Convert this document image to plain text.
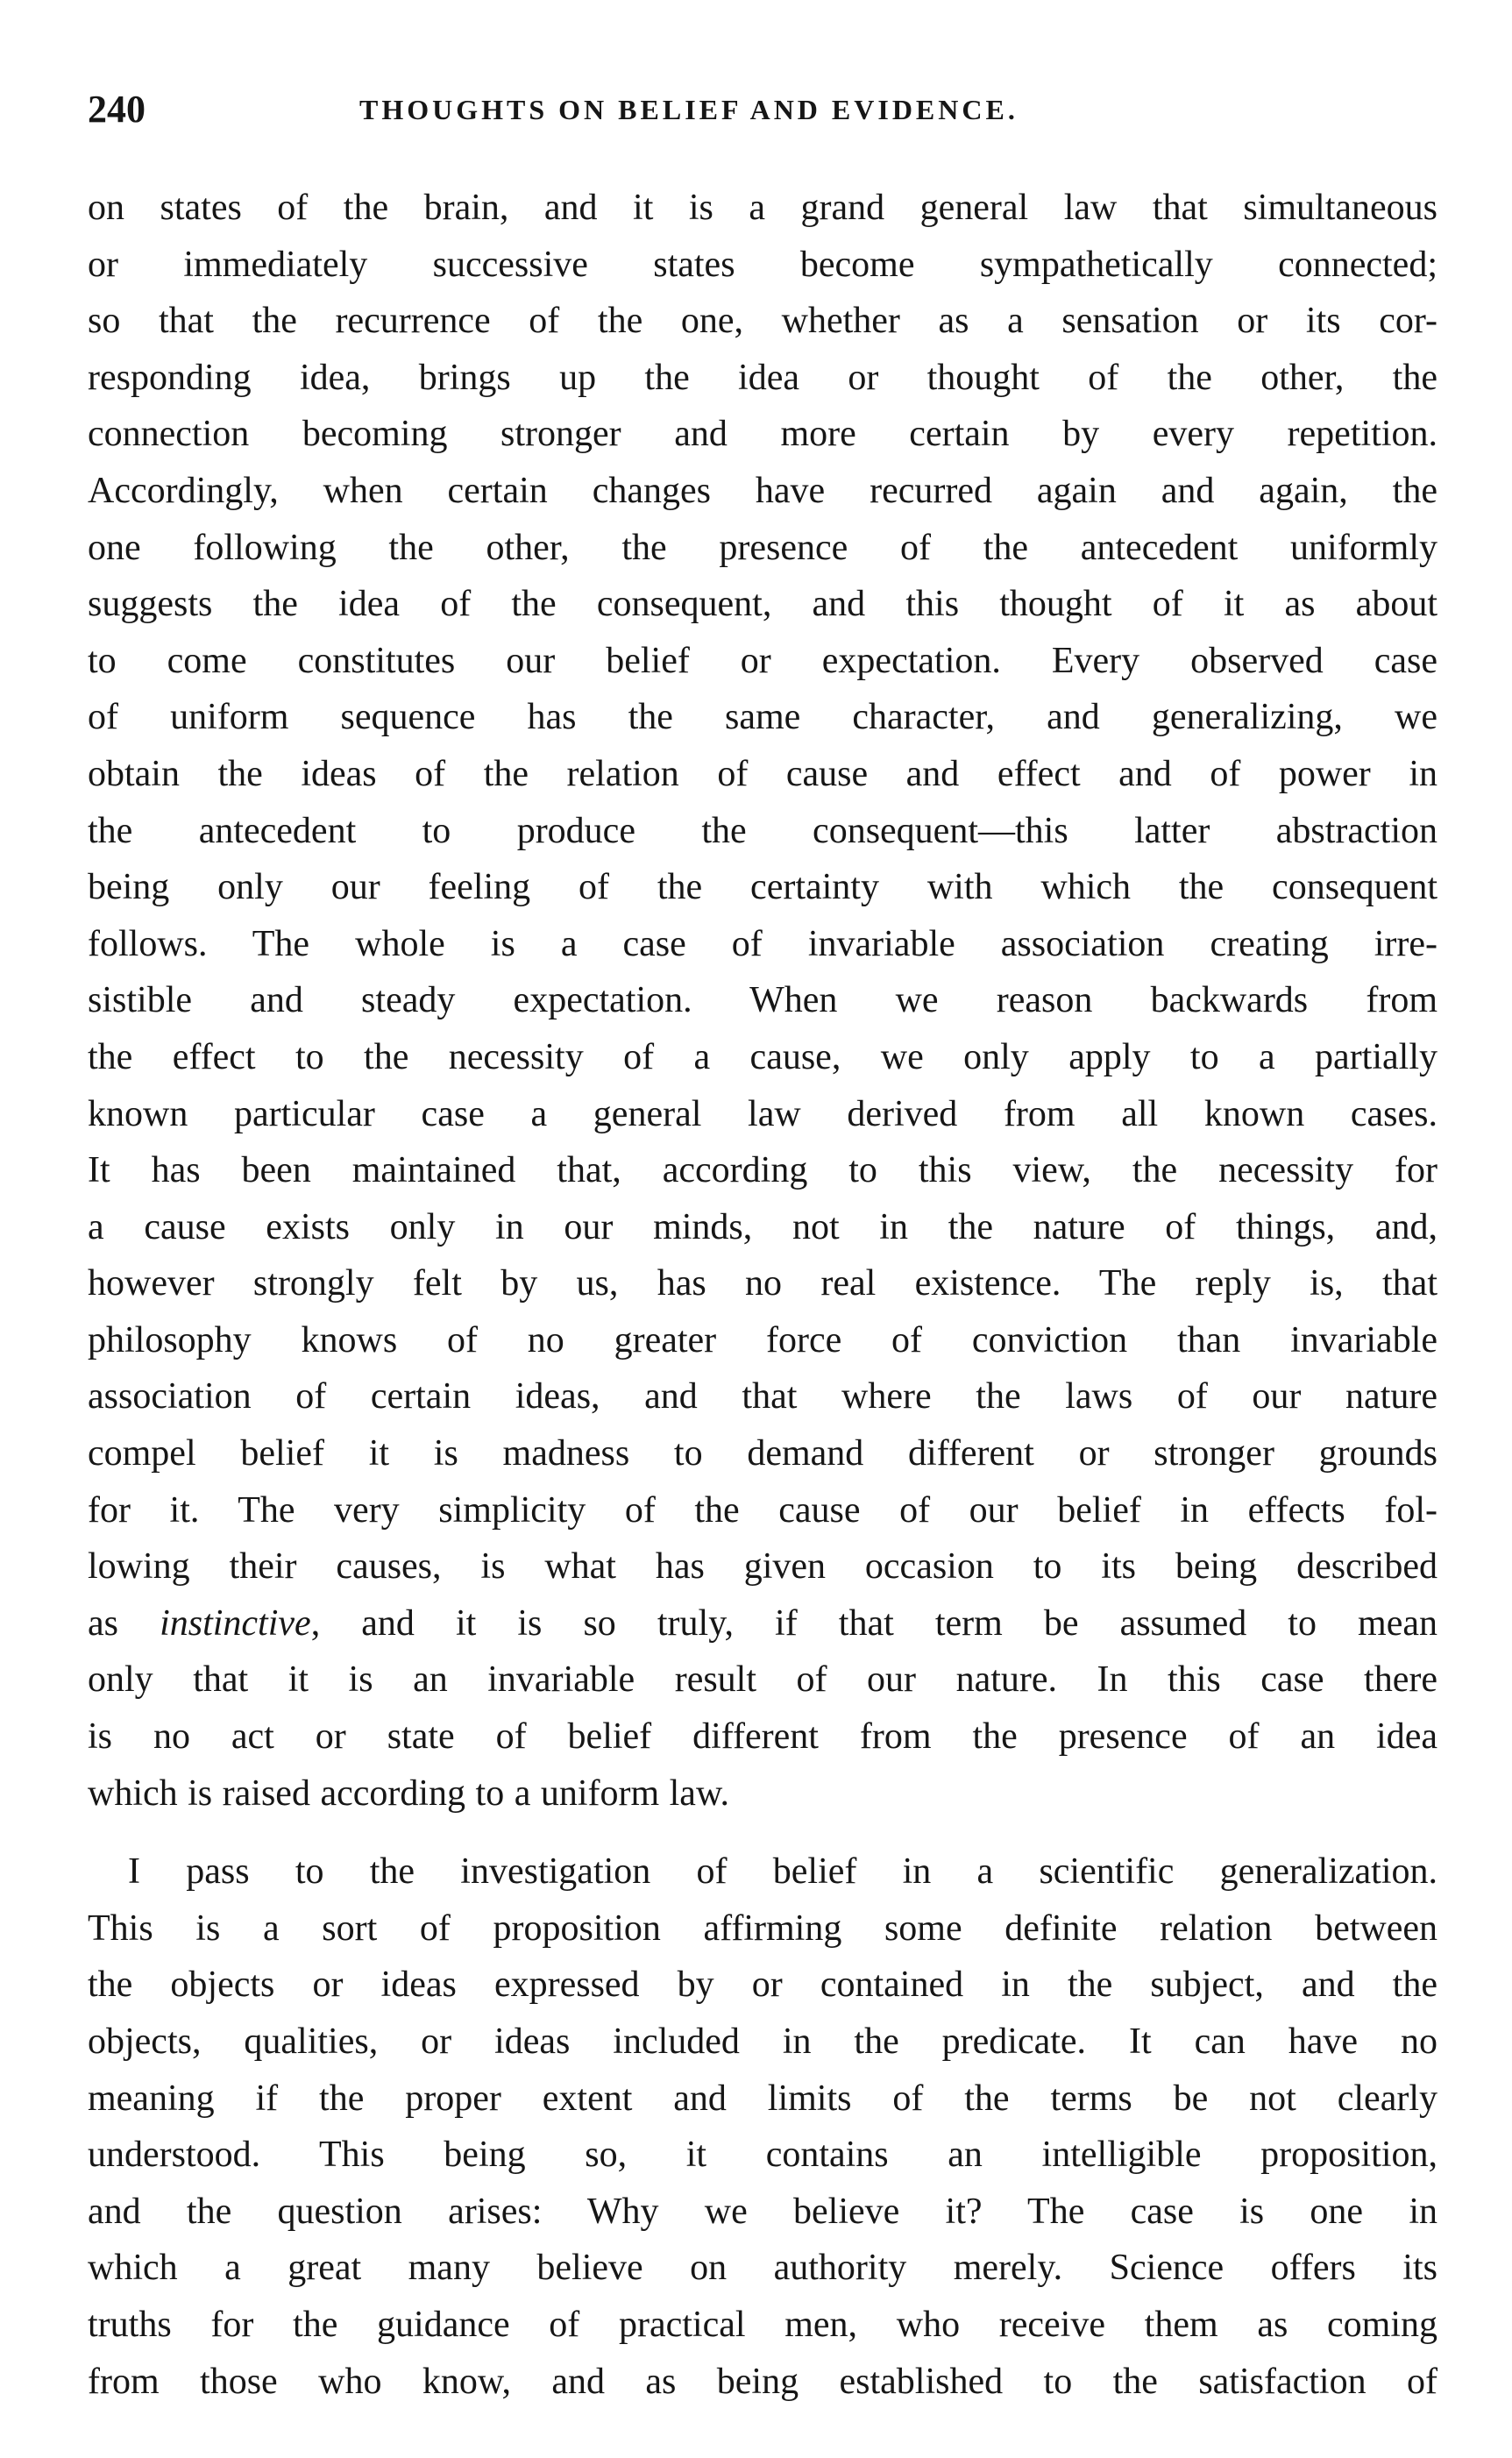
240	THOUGHTS ON BELIEF AND EVIDENCE.
on states of the brain, and it is a grand general law that simultaneous
or immediately successive states become sympathetically connected;
so that the recurrence of the one, whether as a sensation or its cor-
responding idea, brings up the idea or thought of the other, the
connection becoming stronger and more certain by every repetition.
Accordingly, when certain changes have recurred again and again, the
one following the other, the presence of the antecedent uniformly
suggests the idea of the consequent, and this thought of it as about
to come constitutes our belief or expectation. Every observed case
of uniform sequence has the same character, and generalizing, we
obtain the ideas of the relation of cause and effect and of power in
the antecedent to produce the consequent—this latter abstraction
being only our feeling of the certainty with which the consequent
follows. The whole is a case of invariable association creating irre-
sistible and steady expectation. When we reason backwards from
the effect to the necessity of a cause, we only apply to a partially
known particular case a general law derived from all known cases.
It has been maintained that, according to this view, the necessity for
a cause exists only in our minds, not in the nature of things, and,
however strongly felt by us, has no real existence. The reply is, that
philosophy knows of no greater force of conviction than invariable
association of certain ideas, and that where the laws of our nature
compel belief it is madness to demand different or stronger grounds
for it. The very simplicity of the cause of our belief in effects fol-
lowing their causes, is what has given occasion to its being described
as instinctive, and it is so truly, if that term be assumed to mean
only that it is an invariable result of our nature. In this case there
is no act or state of belief different from the presence of an idea
which is raised according to a uniform law.
I pass to the investigation of belief in a scientific generalization.
This is a sort of proposition affirming some definite relation between
the objects or ideas expressed by or contained in the subject, and the
objects, qualities, or ideas included in the predicate. It can have no
meaning if the proper extent and limits of the terms be not clearly
understood. This being so, it contains an intelligible proposition,
and the question arises: Why we believe it? The case is one in
which a great many believe on authority merely. Science offers its
truths for the guidance of practical men, who receive them as coming
from those who know, and as being established to the satisfaction of
